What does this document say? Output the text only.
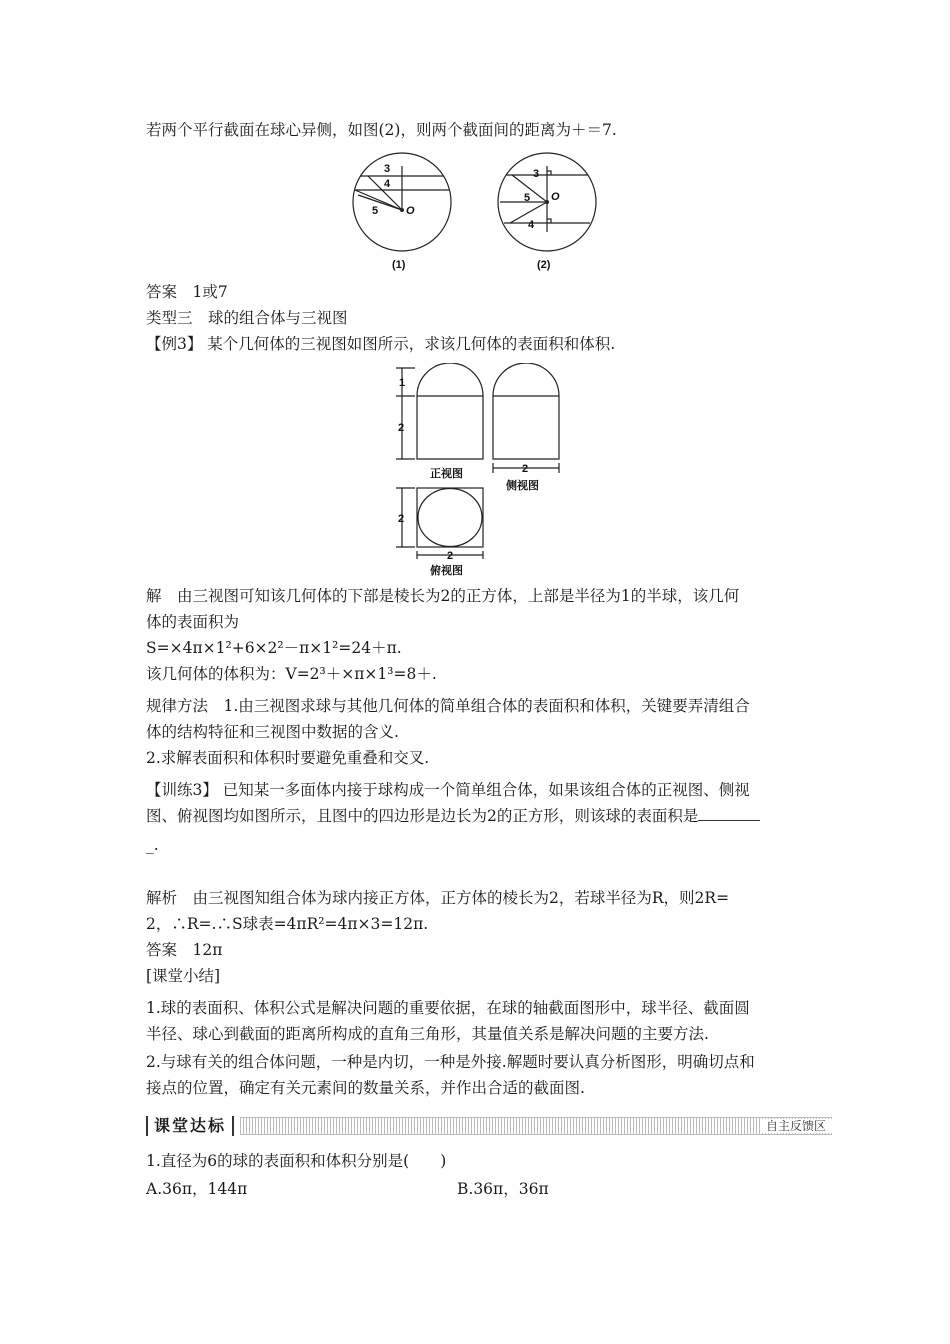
若两个平行截面在球心异侧，如图(2)，则两个截面间的距离为＋＝7.
3
4
5	O
3
5
4
O
(1)	(2)
答案　1或7
类型三　球的组合体与三视图
【例3】 某个几何体的三视图如图所示，求该几何体的表面积和体积.
1
2
2
2
2
正视图
侧视图
俯视图
解　由三视图可知该几何体的下部是棱长为2的正方体，上部是半径为1的半球，该几何
体的表面积为
S=×4π×1²+6×2²－π×1²=24＋π.
该几何体的体积为：V=2³＋×π×1³=8＋.
规律方法　1.由三视图求球与其他几何体的简单组合体的表面积和体积，关键要弄清组合
体的结构特征和三视图中数据的含义.
2.求解表面积和体积时要避免重叠和交叉.
【训练3】 已知某一多面体内接于球构成一个简单组合体，如果该组合体的正视图、侧视
图、俯视图均如图所示，且图中的四边形是边长为2的正方形，则该球的表面积是
_.
解析　由三视图知组合体为球内接正方体，正方体的棱长为2，若球半径为R，则2R=
2，∴R=.∴S球表=4πR²=4π×3=12π.
答案　12π
[课堂小结]
1.球的表面积、体积公式是解决问题的重要依据，在球的轴截面图形中，球半径、截面圆
半径、球心到截面的距离所构成的直角三角形，其量值关系是解决问题的主要方法.
2.与球有关的组合体问题，一种是内切，一种是外接.解题时要认真分析图形，明确切点和
接点的位置，确定有关元素间的数量关系，并作出合适的截面图.
课堂达标	自主反馈区
1.直径为6的球的表面积和体积分别是(　　)
A.36π，144π	B.36π，36π
